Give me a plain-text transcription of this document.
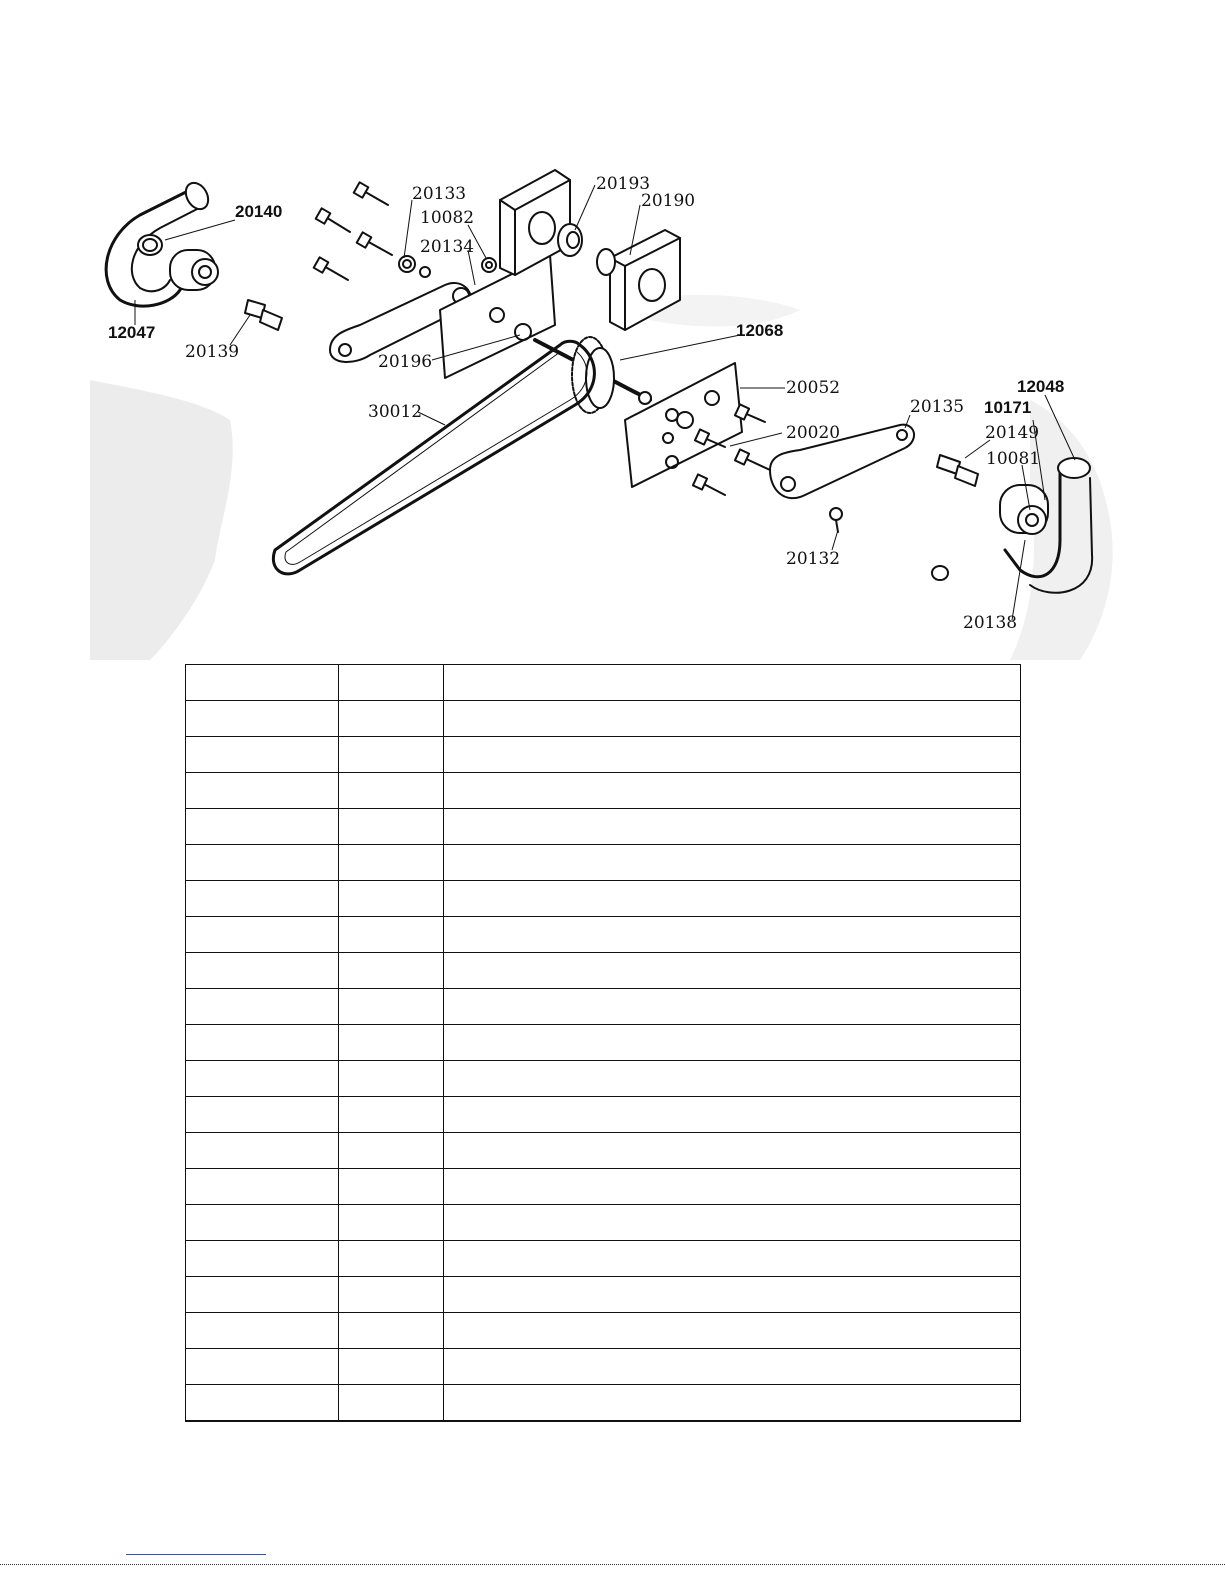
20140
12047
20139
20133
10082
20134
20193
20190
12068
20196
30012
20052
20135
20020
12048
10171
20149
10081
20132
20138
